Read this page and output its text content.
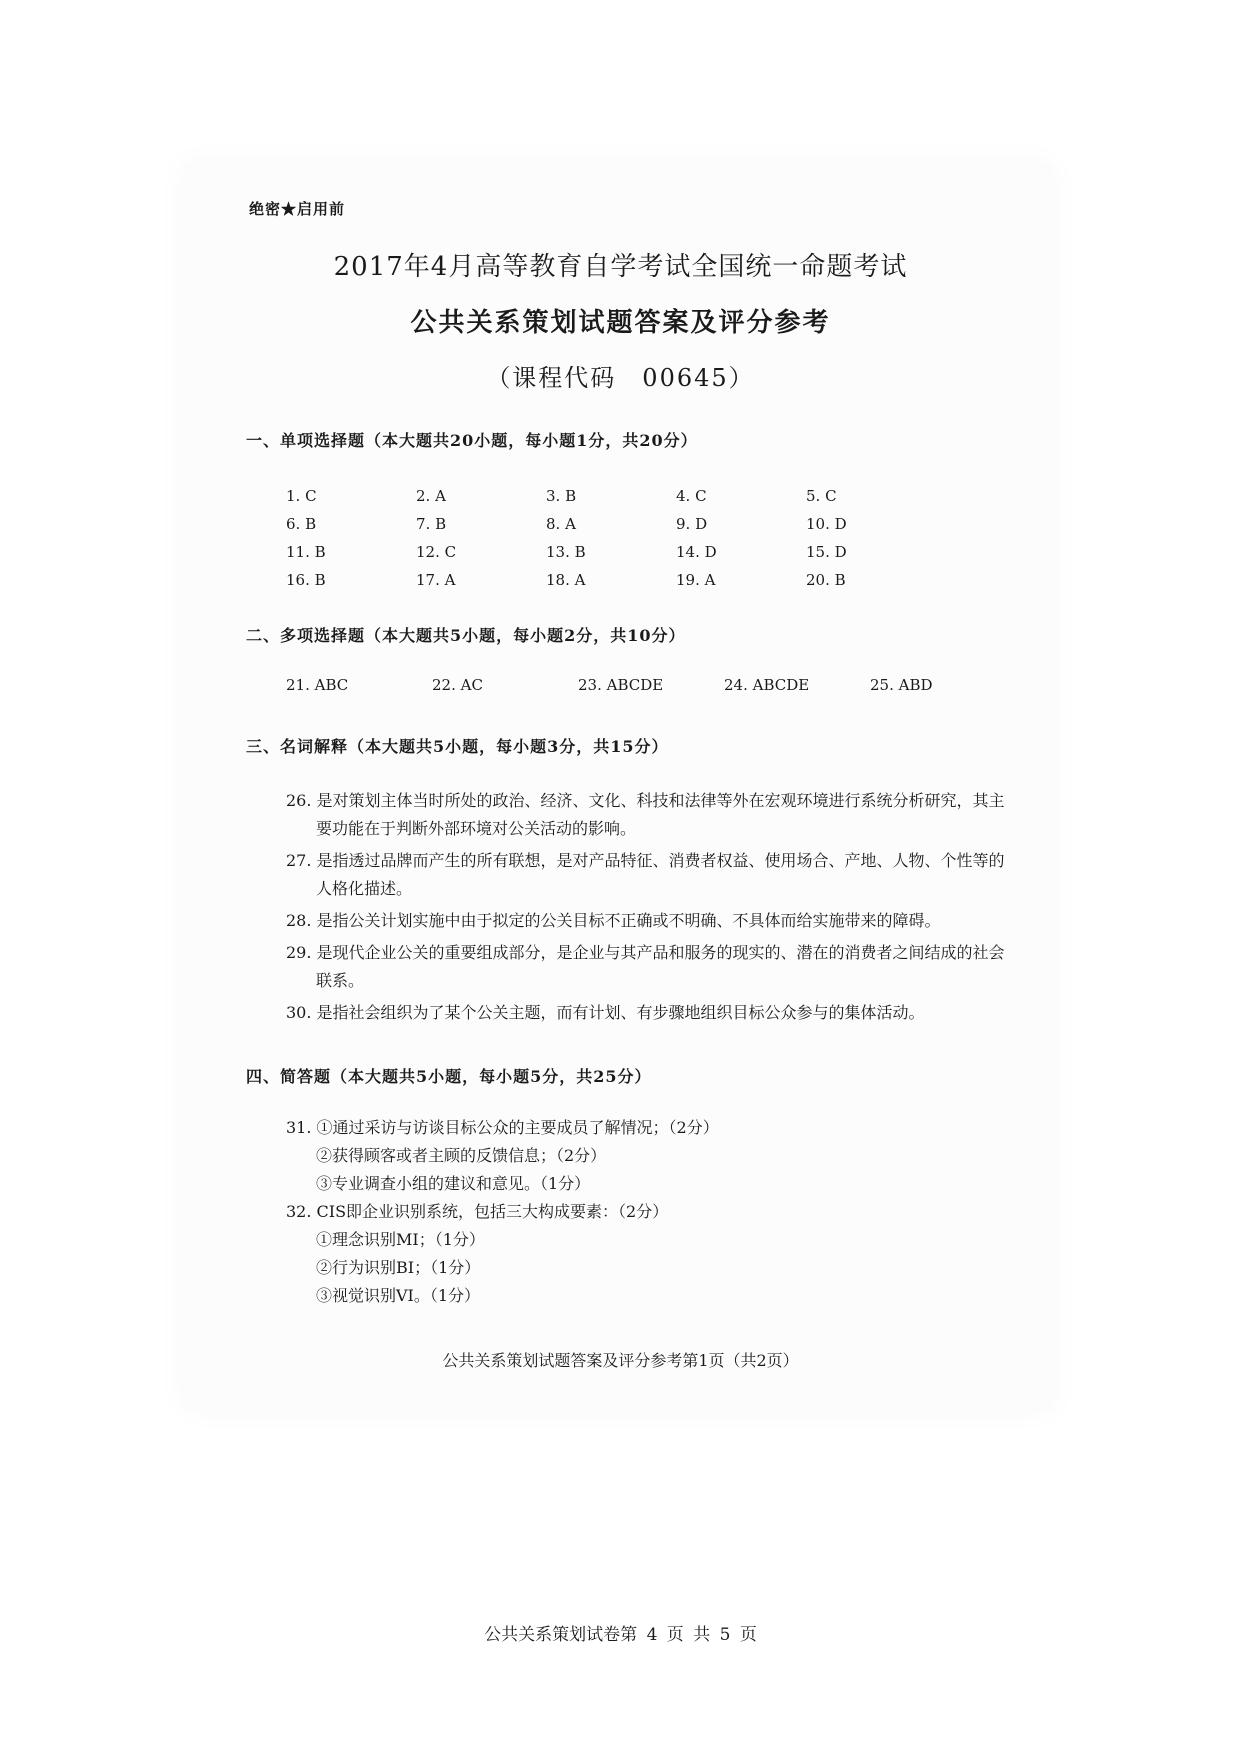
绝密★启用前
2017年4月高等教育自学考试全国统一命题考试
公共关系策划试题答案及评分参考
（课程代码　00645）
一、单项选择题（本大题共20小题，每小题1分，共20分）
1. C	2. A	3. B	4. C	5. C
6. B	7. B	8. A	9. D	10. D
11. B	12. C	13. B	14. D	15. D
16. B	17. A	18. A	19. A	20. B
二、多项选择题（本大题共5小题，每小题2分，共10分）
21. ABC	22. AC	23. ABCDE	24. ABCDE	25. ABD
三、名词解释（本大题共5小题，每小题3分，共15分）
26. 是对策划主体当时所处的政治、经济、文化、科技和法律等外在宏观环境进行系统分析研究，其主要功能在于判断外部环境对公关活动的影响。
27. 是指透过品牌而产生的所有联想，是对产品特征、消费者权益、使用场合、产地、人物、个性等的人格化描述。
28. 是指公关计划实施中由于拟定的公关目标不正确或不明确、不具体而给实施带来的障碍。
29. 是现代企业公关的重要组成部分，是企业与其产品和服务的现实的、潜在的消费者之间结成的社会联系。
30. 是指社会组织为了某个公关主题，而有计划、有步骤地组织目标公众参与的集体活动。
四、简答题（本大题共5小题，每小题5分，共25分）
31. ①通过采访与访谈目标公众的主要成员了解情况；（2分）
②获得顾客或者主顾的反馈信息；（2分）
③专业调查小组的建议和意见。（1分）
32. CIS即企业识别系统，包括三大构成要素：（2分）
①理念识别MI；（1分）
②行为识别BI；（1分）
③视觉识别VI。（1分）
公共关系策划试题答案及评分参考第1页（共2页）
公共关系策划试卷第 4 页 共 5 页
